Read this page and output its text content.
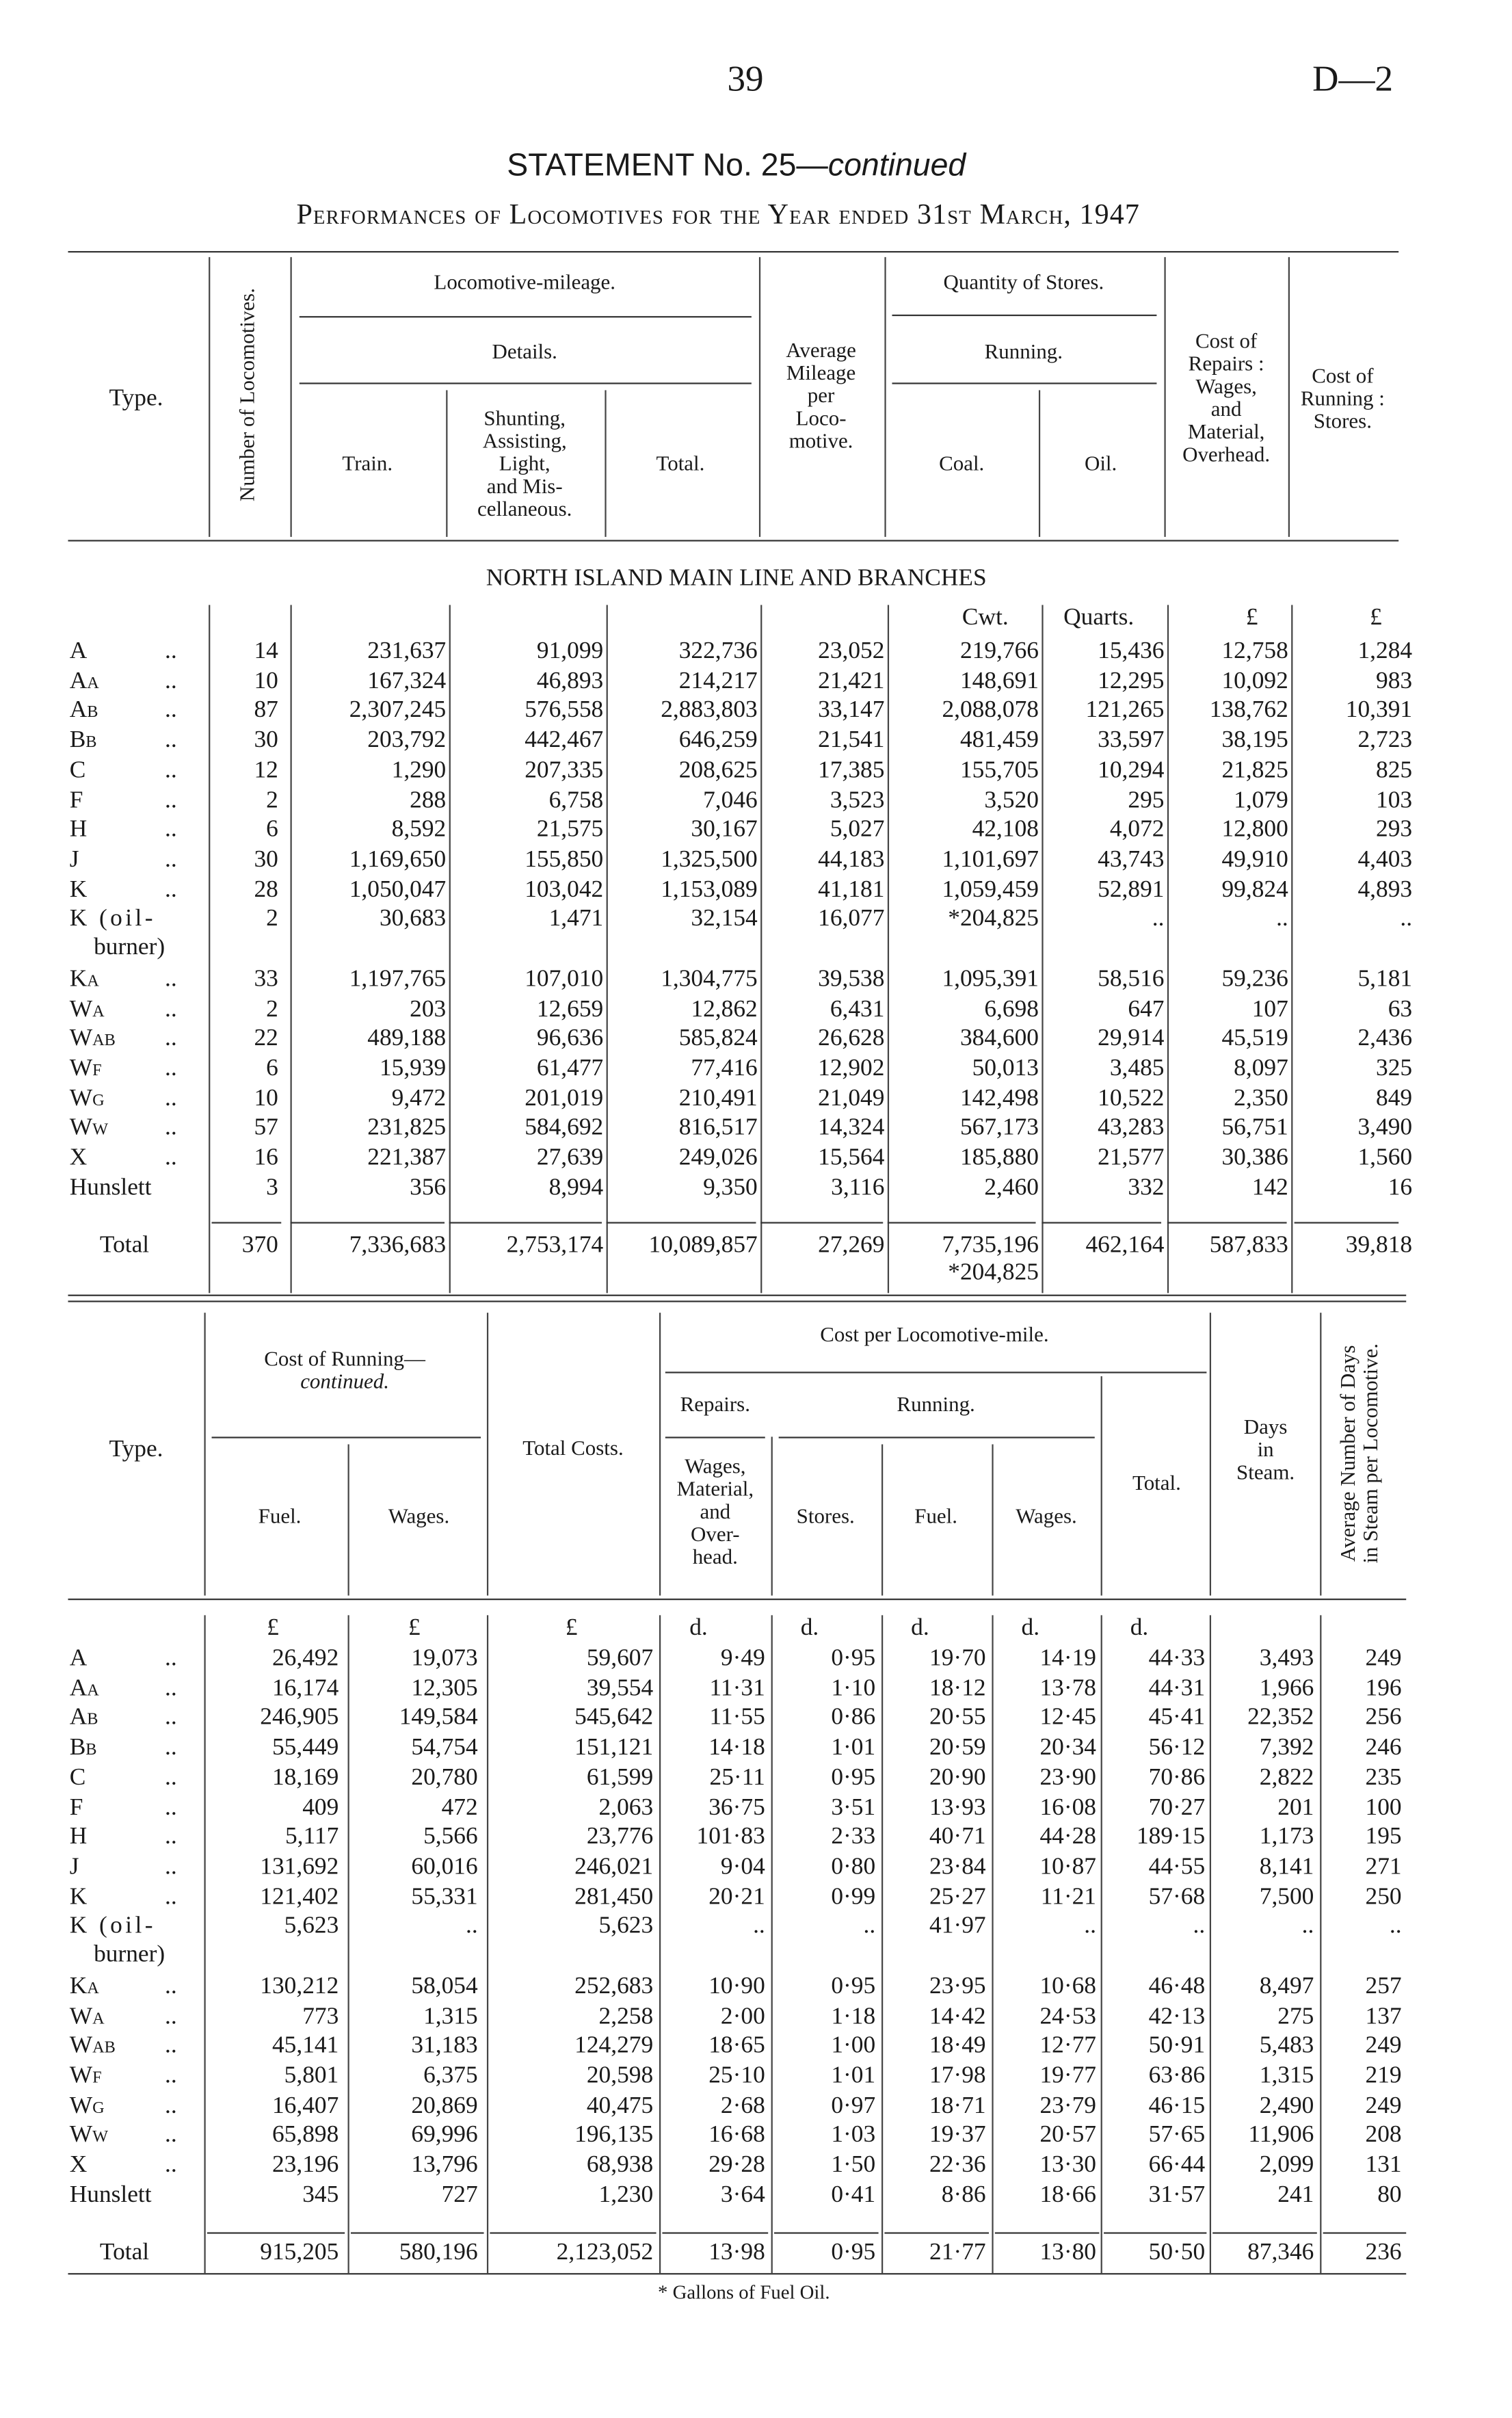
39	D—2
STATEMENT No. 25—continued
Performances of Locomotives for the Year ended 31st March, 1947
Type.	Number of Locomotives.
Locomotive-mileage.
Details.
Train.
Shunting,
Assisting,
Light,
and Mis-
cellaneous.
Total.
Average
Mileage
per
Loco-
motive.
Quantity of Stores.
Running.
Coal.	Oil.
Cost of
Repairs :
Wages,
and
Material,
Overhead.
Cost of
Running :
Stores.
NORTH ISLAND MAIN LINE AND BRANCHES
Cwt.	Quarts.	£	£
A	..	14	231,637	91,099	322,736	23,052	219,766	15,436	12,758	1,284
Aa	..	10	167,324	46,893	214,217	21,421	148,691	12,295	10,092	983
Ab	..	87	2,307,245	576,558	2,883,803	33,147	2,088,078	121,265	138,762	10,391
Bb	..	30	203,792	442,467	646,259	21,541	481,459	33,597	38,195	2,723
C	..	12	1,290	207,335	208,625	17,385	155,705	10,294	21,825	825
F	..	2	288	6,758	7,046	3,523	3,520	295	1,079	103
H	..	6	8,592	21,575	30,167	5,027	42,108	4,072	12,800	293
J	..	30	1,169,650	155,850	1,325,500	44,183	1,101,697	43,743	49,910	4,403
K	..	28	1,050,047	103,042	1,153,089	41,181	1,059,459	52,891	99,824	4,893
K (oil-
burner)
2	30,683	1,471	32,154	16,077	*204,825	..	..	..
Ka	..	33	1,197,765	107,010	1,304,775	39,538	1,095,391	58,516	59,236	5,181
Wa	..	2	203	12,659	12,862	6,431	6,698	647	107	63
Wab	..	22	489,188	96,636	585,824	26,628	384,600	29,914	45,519	2,436
Wf	..	6	15,939	61,477	77,416	12,902	50,013	3,485	8,097	325
Wg	..	10	9,472	201,019	210,491	21,049	142,498	10,522	2,350	849
Ww	..	57	231,825	584,692	816,517	14,324	567,173	43,283	56,751	3,490
X	..	16	221,387	27,639	249,026	15,564	185,880	21,577	30,386	1,560
Hunslett	3	356	8,994	9,350	3,116	2,460	332	142	16
Total	370	7,336,683	2,753,174	10,089,857	27,269	7,735,196	462,164	587,833	39,818
*204,825
Type.
Cost of Running—
continued.
Fuel.	Wages.
Total Costs.
Cost per Locomotive-mile.
Repairs.	Running.
Wages,
Material,
and
Over-
head.
Stores.	Fuel.	Wages.
Total.
Days
in
Steam.	Average Number of Days in Steam per Locomotive.
£	£	£	d.	d.	d.	d.	d.
A	..	26,492	19,073	59,607	9·49	0·95	19·70	14·19	44·33	3,493	249
Aa	..	16,174	12,305	39,554	11·31	1·10	18·12	13·78	44·31	1,966	196
Ab	..	246,905	149,584	545,642	11·55	0·86	20·55	12·45	45·41	22,352	256
Bb	..	55,449	54,754	151,121	14·18	1·01	20·59	20·34	56·12	7,392	246
C	..	18,169	20,780	61,599	25·11	0·95	20·90	23·90	70·86	2,822	235
F	..	409	472	2,063	36·75	3·51	13·93	16·08	70·27	201	100
H	..	5,117	5,566	23,776	101·83	2·33	40·71	44·28	189·15	1,173	195
J	..	131,692	60,016	246,021	9·04	0·80	23·84	10·87	44·55	8,141	271
K	..	121,402	55,331	281,450	20·21	0·99	25·27	11·21	57·68	7,500	250
K (oil-
burner)
5,623	..	5,623	..	..	41·97	..	..	..	..
Ka	..	130,212	58,054	252,683	10·90	0·95	23·95	10·68	46·48	8,497	257
Wa	..	773	1,315	2,258	2·00	1·18	14·42	24·53	42·13	275	137
Wab	..	45,141	31,183	124,279	18·65	1·00	18·49	12·77	50·91	5,483	249
Wf	..	5,801	6,375	20,598	25·10	1·01	17·98	19·77	63·86	1,315	219
Wg	..	16,407	20,869	40,475	2·68	0·97	18·71	23·79	46·15	2,490	249
Ww	..	65,898	69,996	196,135	16·68	1·03	19·37	20·57	57·65	11,906	208
X	..	23,196	13,796	68,938	29·28	1·50	22·36	13·30	66·44	2,099	131
Hunslett	345	727	1,230	3·64	0·41	8·86	18·66	31·57	241	80
Total	915,205	580,196	2,123,052	13·98	0·95	21·77	13·80	50·50	87,346	236
* Gallons of Fuel Oil.
